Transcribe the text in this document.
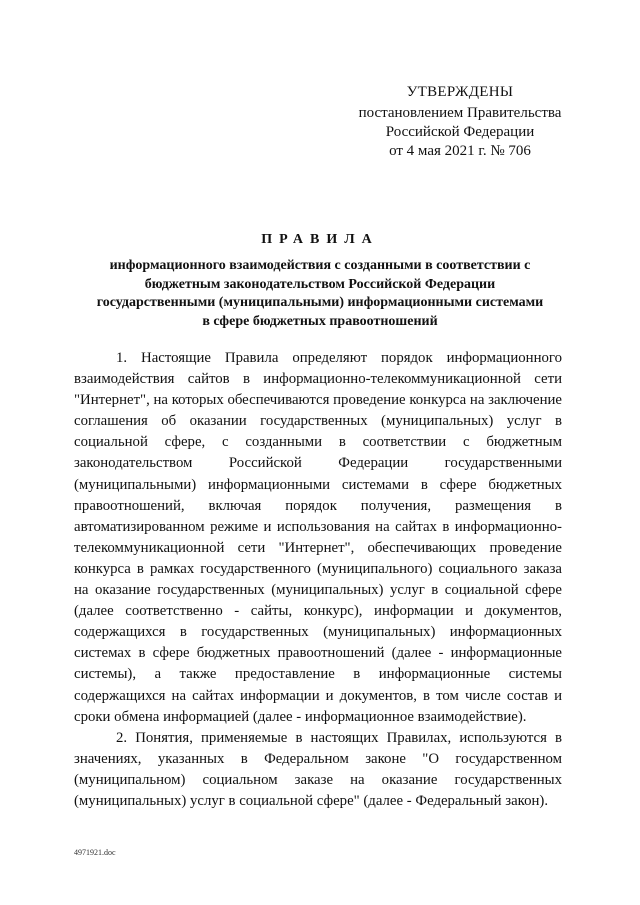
УТВЕРЖДЕНЫ
постановлением Правительства
Российской Федерации
от 4 мая 2021 г. № 706
ПРАВИЛА
информационного взаимодействия с созданными в соответствии с
бюджетным законодательством Российской Федерации
государственными (муниципальными) информационными системами
в сфере бюджетных правоотношений

1. Настоящие Правила определяют порядок информационного взаимодействия сайтов в информационно-телекоммуникационной сети "Интернет", на которых обеспечиваются проведение конкурса на заключение соглашения об оказании государственных (муниципальных) услуг в социальной сфере, с созданными в соответствии с бюджетным законодательством Российской Федерации государственными (муниципальными) информационными системами в сфере бюджетных правоотношений, включая порядок получения, размещения в автоматизированном режиме и использования на сайтах в информационно-телекоммуникационной сети "Интернет", обеспечивающих проведение конкурса в рамках государственного (муниципального) социального заказа на оказание государственных (муниципальных) услуг в социальной сфере (далее соответственно - сайты, конкурс), информации и документов, содержащихся в государственных (муниципальных) информационных системах в сфере бюджетных правоотношений (далее - информационные системы), а также предоставление в информационные системы содержащихся на сайтах информации и документов, в том числе состав и сроки обмена информацией (далее - информационное взаимодействие).

2. Понятия, применяемые в настоящих Правилах, используются в значениях, указанных в Федеральном законе "О государственном (муниципальном) социальном заказе на оказание государственных (муниципальных) услуг в социальной сфере" (далее - Федеральный закон).

4971921.doc
